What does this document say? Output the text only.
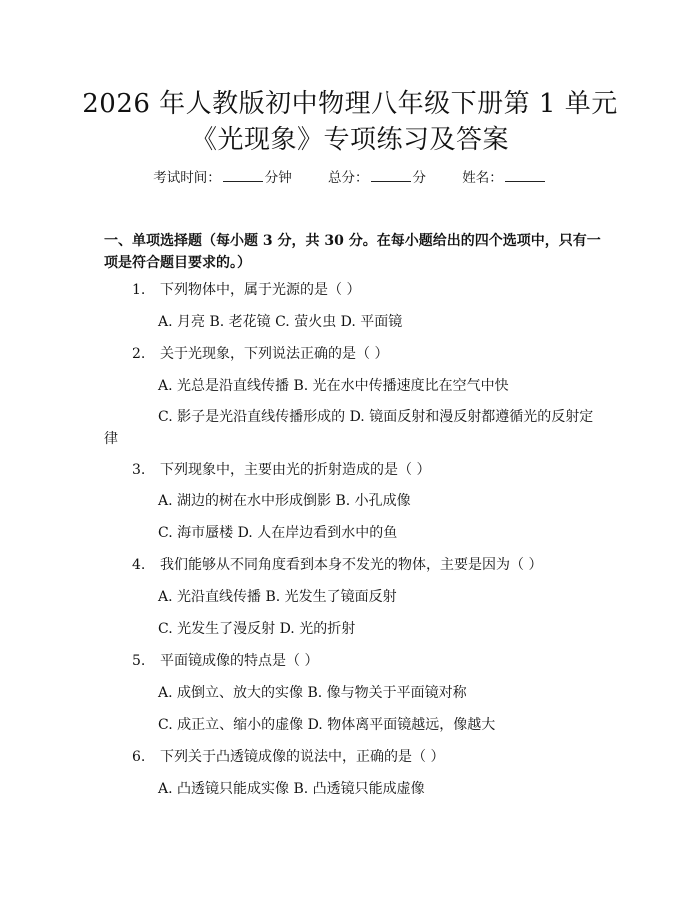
2026 年人教版初中物理八年级下册第 1 单元
《光现象》专项练习及答案
考试时间：	分钟	总分：	分	姓名：
一、单项选择题（每小题 3 分，共 30 分。在每小题给出的四个选项中，只有一项是符合题目要求的。）
1. 下列物体中，属于光源的是（ ）
A. 月亮 B. 老花镜 C. 萤火虫 D. 平面镜
2. 关于光现象，下列说法正确的是（ ）
A. 光总是沿直线传播 B. 光在水中传播速度比在空气中快
C. 影子是光沿直线传播形成的 D. 镜面反射和漫反射都遵循光的反射定律
3. 下列现象中，主要由光的折射造成的是（ ）
A. 湖边的树在水中形成倒影 B. 小孔成像
C. 海市蜃楼 D. 人在岸边看到水中的鱼
4. 我们能够从不同角度看到本身不发光的物体，主要是因为（ ）
A. 光沿直线传播 B. 光发生了镜面反射
C. 光发生了漫反射 D. 光的折射
5. 平面镜成像的特点是（ ）
A. 成倒立、放大的实像 B. 像与物关于平面镜对称
C. 成正立、缩小的虚像 D. 物体离平面镜越远，像越大
6. 下列关于凸透镜成像的说法中，正确的是（ ）
A. 凸透镜只能成实像 B. 凸透镜只能成虚像
